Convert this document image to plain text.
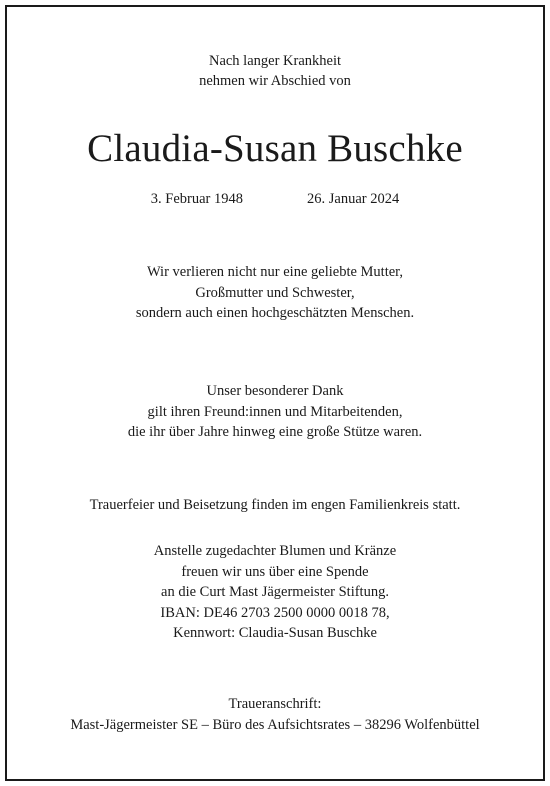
Nach langer Krankheit
nehmen wir Abschied von
Claudia-Susan Buschke
3. Februar 1948	26. Januar 2024
Wir verlieren nicht nur eine geliebte Mutter,
Großmutter und Schwester,
sondern auch einen hochgeschätzten Menschen.
Unser besonderer Dank
gilt ihren Freund:innen und Mitarbeitenden,
die ihr über Jahre hinweg eine große Stütze waren.
Trauerfeier und Beisetzung finden im engen Familienkreis statt.
Anstelle zugedachter Blumen und Kränze
freuen wir uns über eine Spende
an die Curt Mast Jägermeister Stiftung.
IBAN: DE46 2703 2500 0000 0018 78,
Kennwort: Claudia-Susan Buschke
Traueranschrift:
Mast-Jägermeister SE – Büro des Aufsichtsrates – 38296 Wolfenbüttel
